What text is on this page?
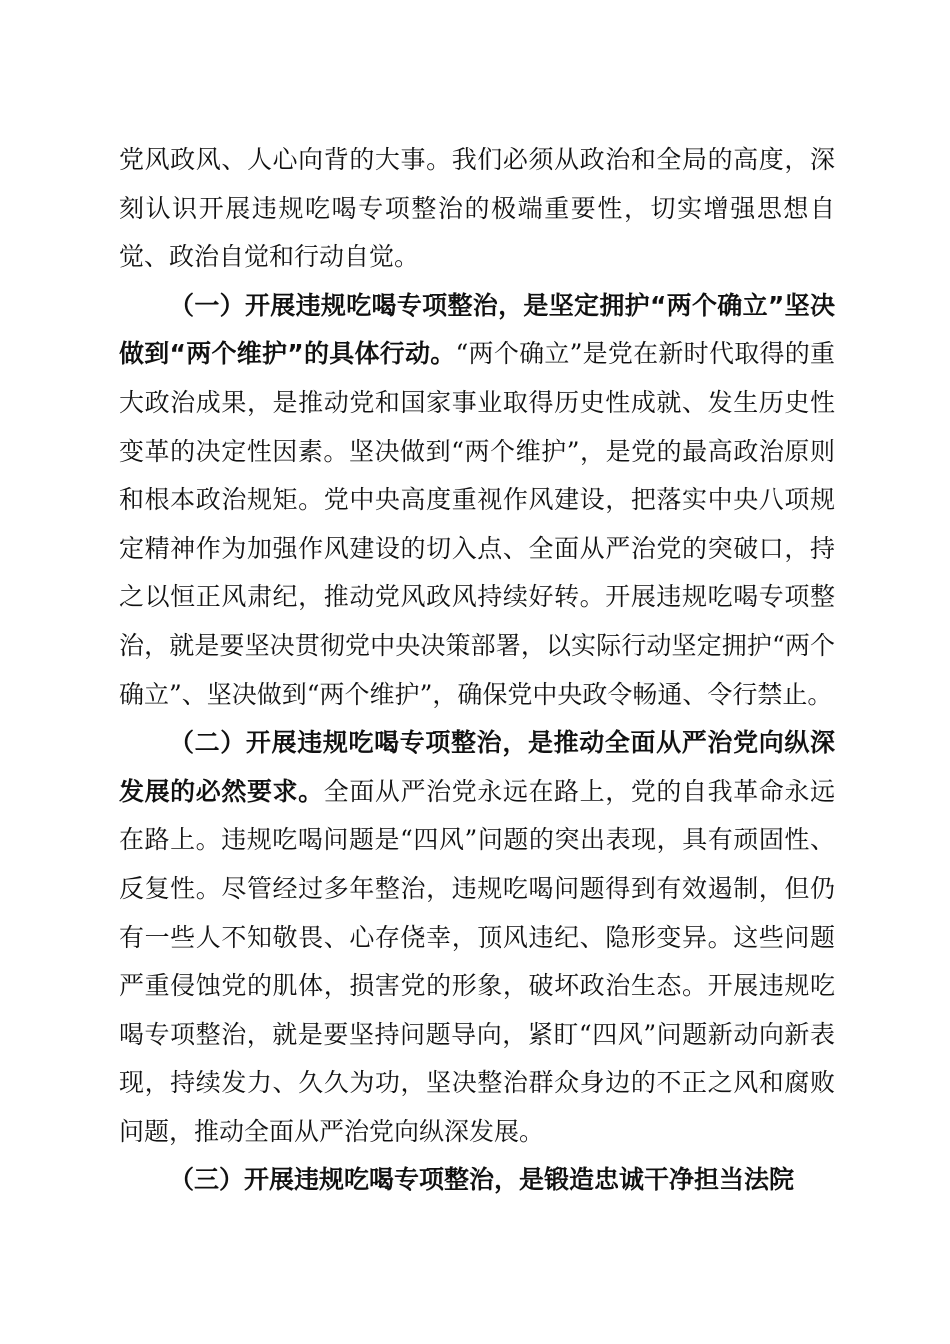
党风政风、人心向背的大事。我们必须从政治和全局的高度，深刻认识开展违规吃喝专项整治的极端重要性，切实增强思想自觉、政治自觉和行动自觉。

（一）开展违规吃喝专项整治，是坚定拥护“两个确立”坚决做到“两个维护”的具体行动。“两个确立”是党在新时代取得的重大政治成果，是推动党和国家事业取得历史性成就、发生历史性变革的决定性因素。坚决做到“两个维护”，是党的最高政治原则和根本政治规矩。党中央高度重视作风建设，把落实中央八项规定精神作为加强作风建设的切入点、全面从严治党的突破口，持之以恒正风肃纪，推动党风政风持续好转。开展违规吃喝专项整治，就是要坚决贯彻党中央决策部署，以实际行动坚定拥护“两个确立”、坚决做到“两个维护”，确保党中央政令畅通、令行禁止。

（二）开展违规吃喝专项整治，是推动全面从严治党向纵深发展的必然要求。全面从严治党永远在路上，党的自我革命永远在路上。违规吃喝问题是“四风”问题的突出表现，具有顽固性、反复性。尽管经过多年整治，违规吃喝问题得到有效遏制，但仍有一些人不知敬畏、心存侥幸，顶风违纪、隐形变异。这些问题严重侵蚀党的肌体，损害党的形象，破坏政治生态。开展违规吃喝专项整治，就是要坚持问题导向，紧盯“四风”问题新动向新表现，持续发力、久久为功，坚决整治群众身边的不正之风和腐败问题，推动全面从严治党向纵深发展。

（三）开展违规吃喝专项整治，是锻造忠诚干净担当法院
